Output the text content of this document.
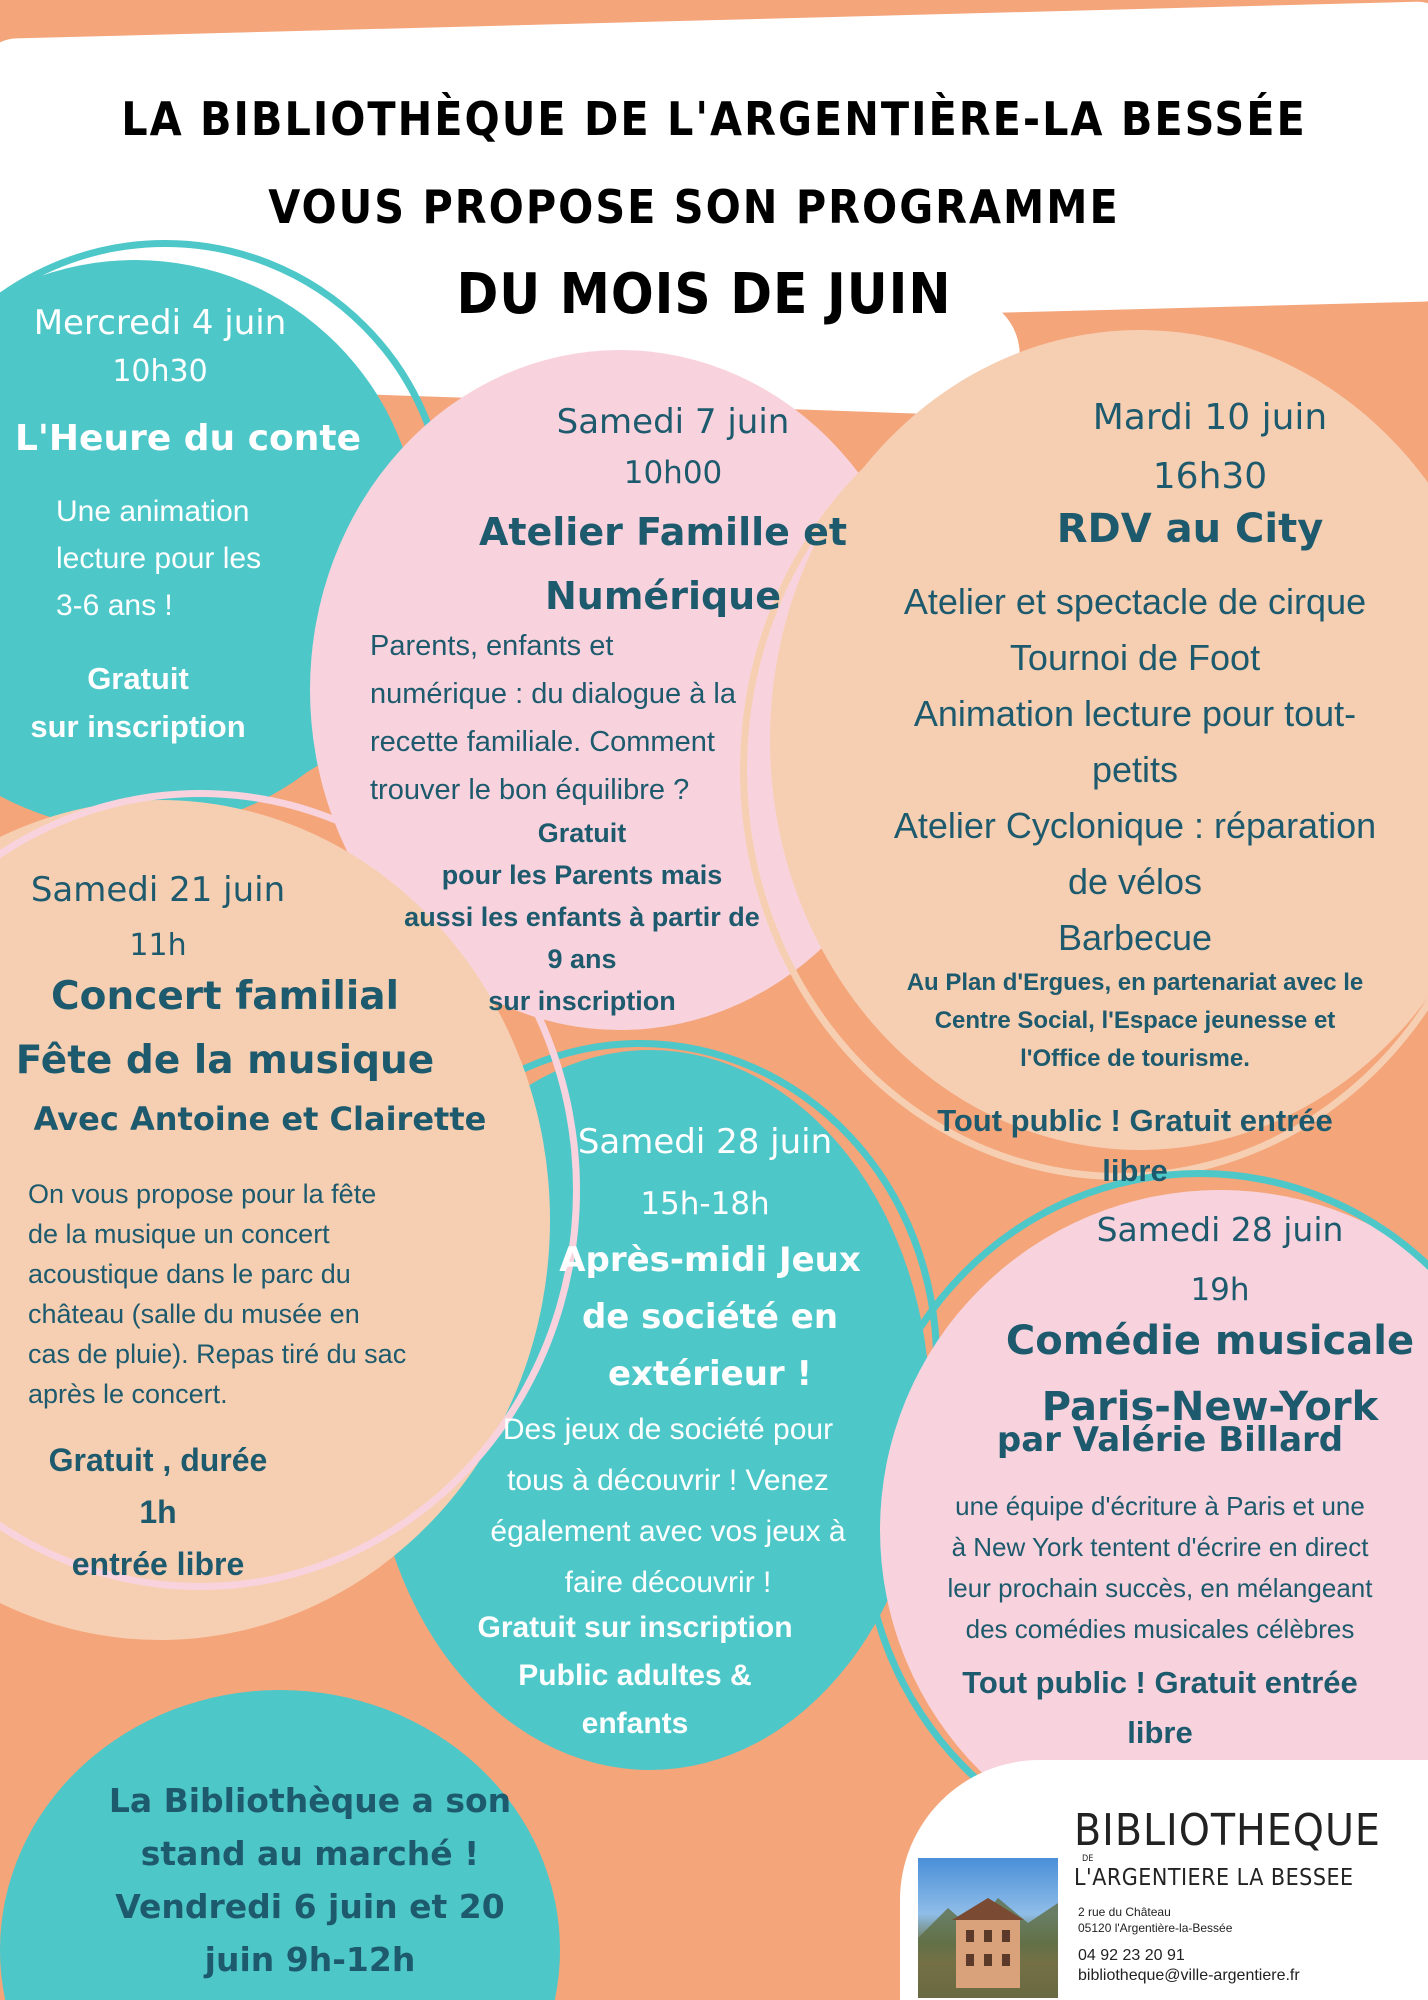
LA BIBLIOTHÈQUE DE L'ARGENTIÈRE-LA BESSÉE
VOUS PROPOSE SON PROGRAMME
DU MOIS DE JUIN
Mercredi 4 juin
10h30
L'Heure du conte
Une animation
lecture pour les
3-6 ans !
Gratuit
sur inscription
Samedi 7 juin
10h00
Atelier Famille et
Numérique
Parents, enfants et
numérique : du dialogue à la
recette familiale. Comment
trouver le bon équilibre ?
Gratuit
pour les Parents mais
aussi les enfants à partir de
9 ans
sur inscription
Mardi 10 juin
16h30
RDV au City
Atelier et spectacle de cirque
Tournoi de Foot
Animation lecture pour tout-
petits
Atelier Cyclonique : réparation
de vélos
Barbecue
Au Plan d'Ergues, en partenariat avec le
Centre Social, l'Espace jeunesse et
l'Office de tourisme.
Tout public ! Gratuit entrée
libre
Samedi 21 juin
11h
Concert familial
Fête de la musique
Avec Antoine et Clairette
On vous propose pour la fête
de la musique un concert
acoustique dans le parc du
château (salle du musée en
cas de pluie). Repas tiré du sac
après le concert.
Gratuit , durée
1h
entrée libre
Samedi 28 juin
15h-18h
Après-midi Jeux
de société en
extérieur !
Des jeux de société pour
tous à découvrir ! Venez
également avec vos jeux à
faire découvrir !
Gratuit sur inscription
Public adultes &
enfants
Samedi 28 juin
19h
Comédie musicale
Paris-New-York
par Valérie Billard
une équipe d'écriture à Paris et une
à New York tentent d'écrire en direct
leur prochain succès, en mélangeant
des comédies musicales célèbres
Tout public ! Gratuit entrée
libre
La Bibliothèque a son
stand au marché !
Vendredi 6 juin et 20
juin 9h-12h
BIBLIOTHEQUE
DE
L'ARGENTIERE LA BESSEE
2 rue du Château
05120 l'Argentière-la-Bessée
04 92 23 20 91
bibliotheque@ville-argentiere.fr
